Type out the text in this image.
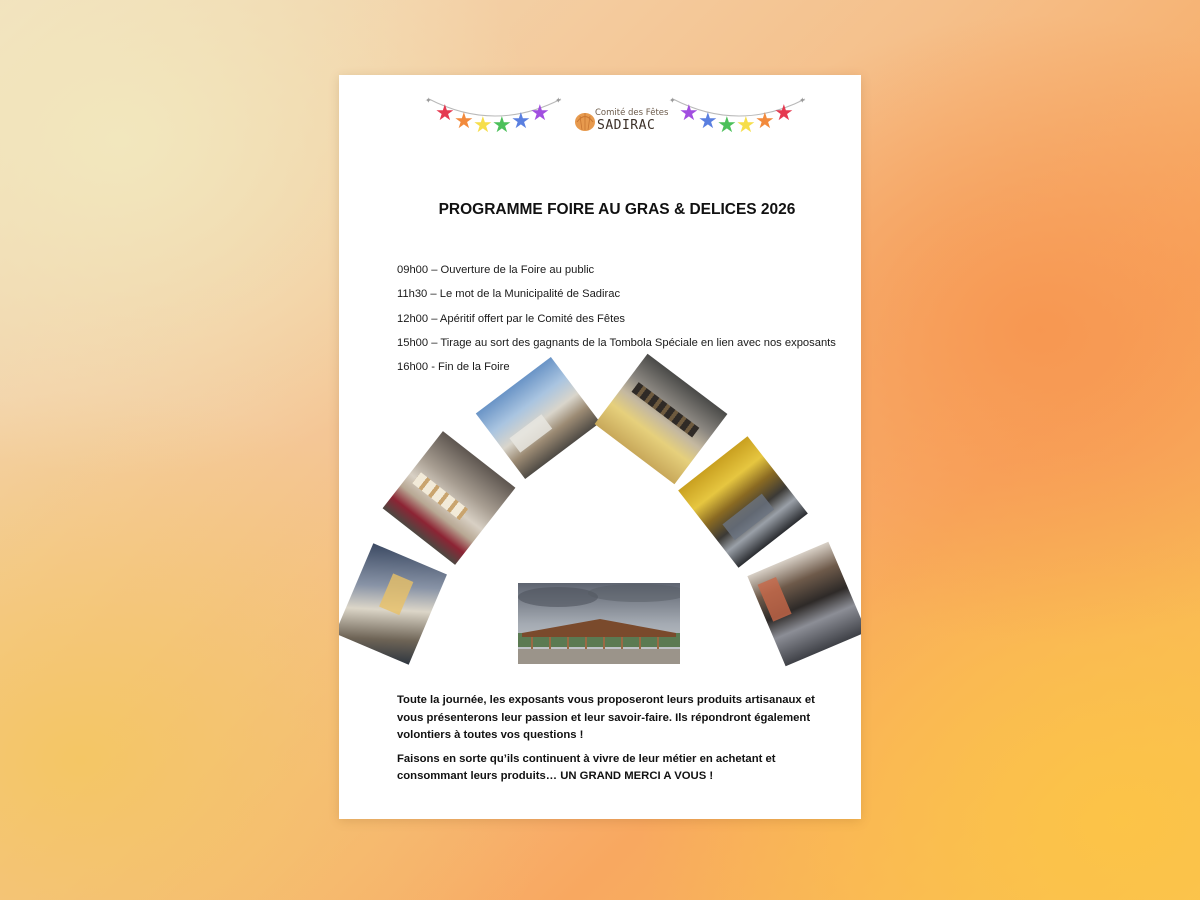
✦	✦
★ ★ ★ ★ ★ ★	Comité des Fêtes
SADIRAC
✦	✦
★ ★ ★ ★ ★ ★
PROGRAMME FOIRE AU GRAS & DELICES 2026
09h00 – Ouverture de la Foire au public
11h30 – Le mot de la Municipalité de Sadirac
12h00 – Apéritif offert par le Comité des Fêtes
15h00 – Tirage au sort des gagnants de la Tombola Spéciale en lien avec nos exposants
16h00 - Fin de la Foire

Toute la journée, les exposants vous proposeront leurs produits artisanaux et vous présenterons leur passion et leur savoir-faire. Ils répondront également volontiers à toutes vos questions !

Faisons en sorte qu’ils continuent à vivre de leur métier en achetant et consommant leurs produits… UN GRAND MERCI A VOUS !
